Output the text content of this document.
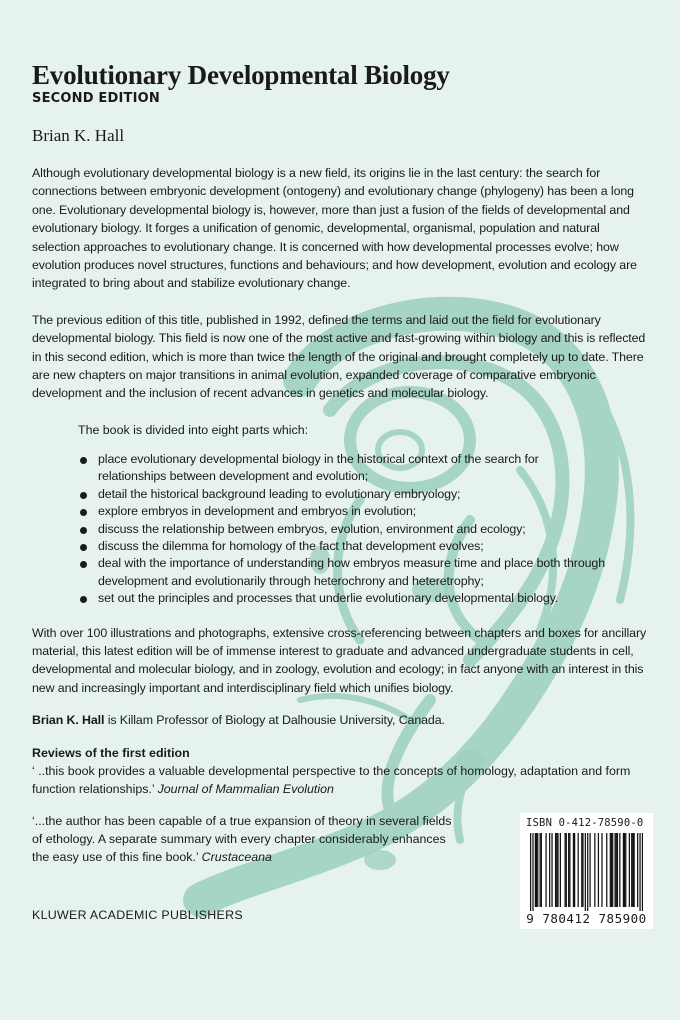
Evolutionary Developmental Biology
SECOND EDITION
Brian K. Hall

Although evolutionary developmental biology is a new field, its origins lie in the last century: the search for connections between embryonic development (ontogeny) and evolutionary change (phylogeny) has been a long one. Evolutionary developmental biology is, however, more than just a fusion of the fields of developmental and evolutionary biology. It forges a unification of genomic, developmental, organismal, population and natural selection approaches to evolutionary change. It is concerned with how developmental processes evolve; how evolution produces novel structures, functions and behaviours; and how development, evolution and ecology are integrated to bring about and stabilize evolutionary change.

The previous edition of this title, published in 1992, defined the terms and laid out the field for evolutionary developmental biology. This field is now one of the most active and fast-growing within biology and this is reflected in this second edition, which is more than twice the length of the original and brought completely up to date. There are new chapters on major transitions in animal evolution, expanded coverage of comparative embryonic development and the inclusion of recent advances in genetics and molecular biology.

The book is divided into eight parts which:
place evolutionary developmental biology in the historical context of the search for relationships between development and evolution;
detail the historical background leading to evolutionary embryology;
explore embryos in development and embryos in evolution;
discuss the relationship between embryos, evolution, environment and ecology;
discuss the dilemma for homology of the fact that development evolves;
deal with the importance of understanding how embryos measure time and place both through development and evolutionarily through heterochrony and heteretrophy;
set out the principles and processes that underlie evolutionary developmental biology.

With over 100 illustrations and photographs, extensive cross-referencing between chapters and boxes for ancillary material, this latest edition will be of immense interest to graduate and advanced undergraduate students in cell, developmental and molecular biology, and in zoology, evolution and ecology; in fact anyone with an interest in this new and increasingly important and interdisciplinary field which unifies biology.

Brian K. Hall is Killam Professor of Biology at Dalhousie University, Canada.

Reviews of the first edition

‘ ..this book provides a valuable developmental perspective to the concepts of homology, adaptation and form function relationships.’ Journal of Mammalian Evolution

‘...the author has been capable of a true expansion of theory in several fields of ethology. A separate summary with every chapter considerably enhances the easy use of this fine book.’ Crustaceana

KLUWER ACADEMIC PUBLISHERS
ISBN 0-412-78590-0
9 780412 785900
